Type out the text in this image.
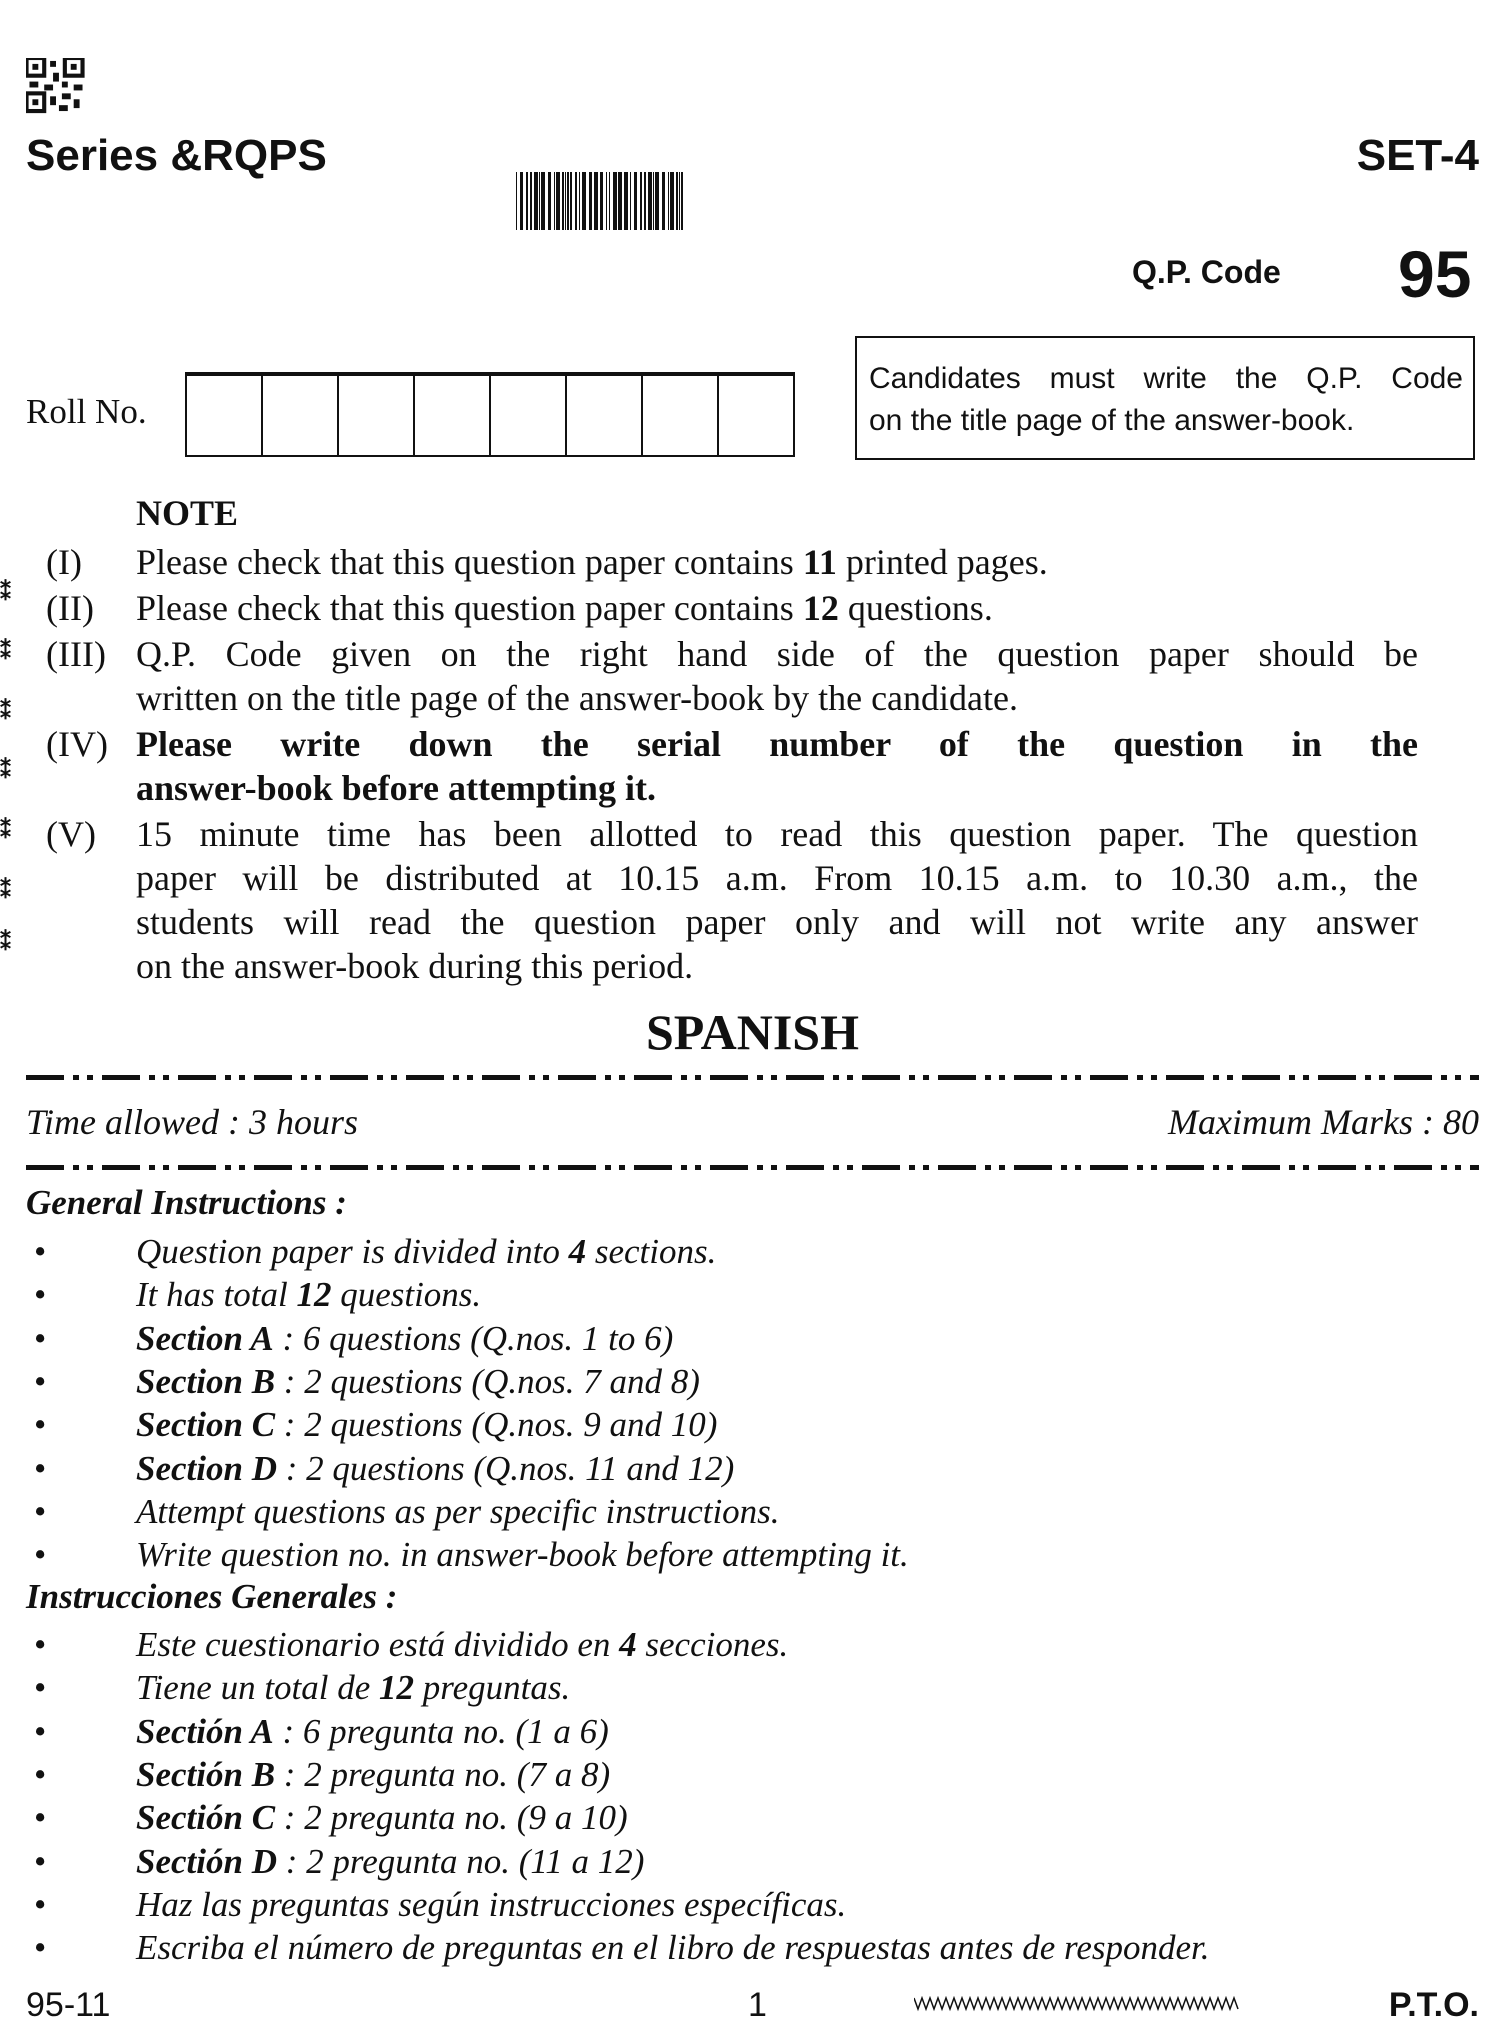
Series &RQPS	SET-4
Q.P. Code 95
Roll No.
Candidates must write the Q.P. Code
on the title page of the answer-book.
⁑
⁑
⁑
⁑
⁑
⁑
⁑
NOTE
(I) Please check that this question paper contains 11 printed pages.
(II) Please check that this question paper contains 12 questions.
(III) Q.P. Code given on the right hand side of the question paper should be
written on the title page of the answer-book by the candidate.
(IV) Please write down the serial number of the question in the
answer-book before attempting it.
(V) 15 minute time has been allotted to read this question paper. The question
paper will be distributed at 10.15 a.m. From 10.15 a.m. to 10.30 a.m., the
students will read the question paper only and will not write any answer
on the answer-book during this period.
SPANISH
Time allowed : 3 hours	Maximum Marks : 80
General Instructions :
•	Question paper is divided into 4 sections.
•	It has total 12 questions.
•	Section A : 6 questions (Q.nos. 1 to 6)
•	Section B : 2 questions (Q.nos. 7 and 8)
•	Section C : 2 questions (Q.nos. 9 and 10)
•	Section D : 2 questions (Q.nos. 11 and 12)
•	Attempt questions as per specific instructions.
•	Write question no. in answer-book before attempting it.
Instrucciones Generales :
•	Este cuestionario está dividido en 4 secciones.
•	Tiene un total de 12 preguntas.
•	Sectión A : 6 pregunta no. (1 a 6)
•	Sectión B : 2 pregunta no. (7 a 8)
•	Sectión C : 2 pregunta no. (9 a 10)
•	Sectión D : 2 pregunta no. (11 a 12)
•	Haz las preguntas según instrucciones específicas.
•	Escriba el número de preguntas en el libro de respuestas antes de responder.
95-11	1	P.T.O.
